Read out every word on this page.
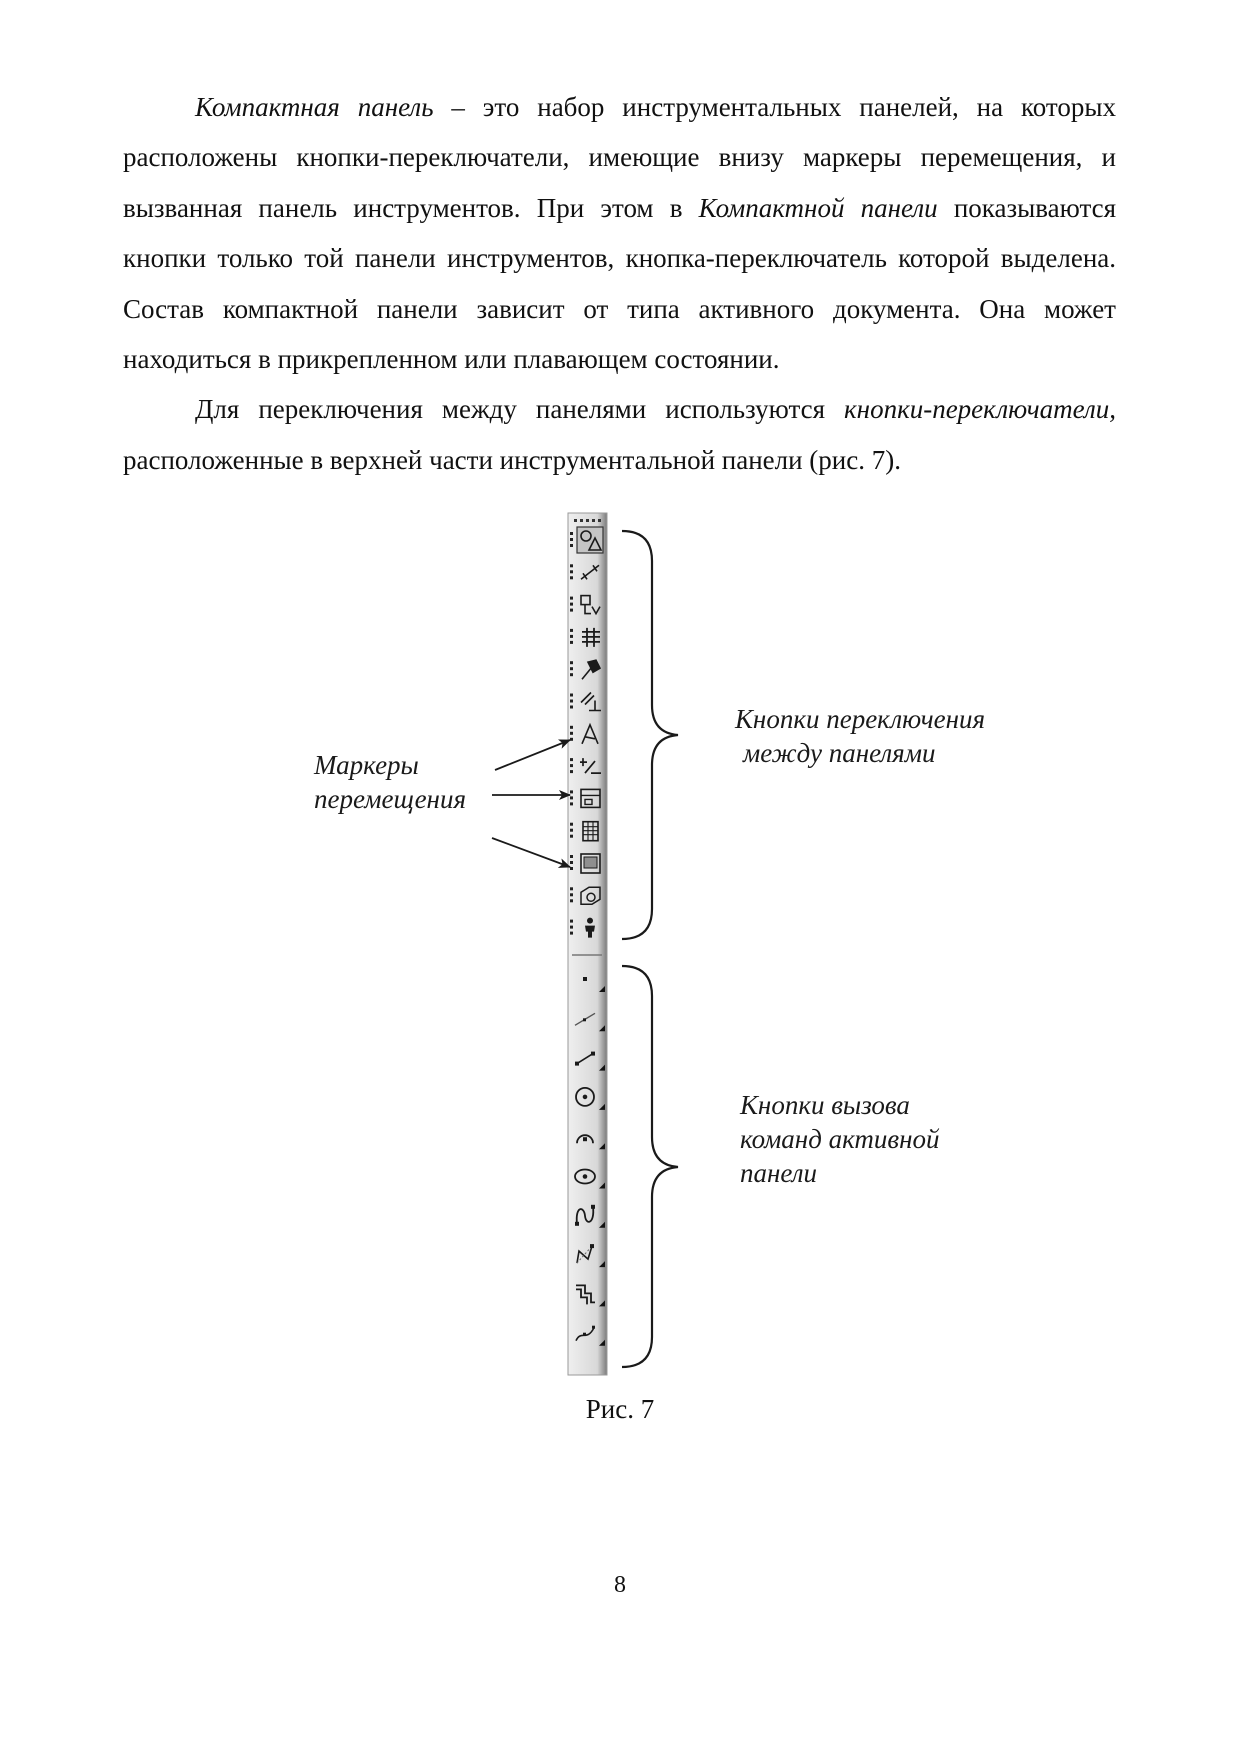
Компактная панель – это набор инструментальных панелей, на которых расположены кнопки-переключатели, имеющие внизу маркеры перемещения, и вызванная панель инструментов. При этом в Компактной панели показываются кнопки только той панели инструментов, кнопка-переключатель которой выделена. Состав компактной панели зависит от типа активного документа. Она может находиться в прикрепленном или плавающем состоянии.

Для переключения между панелями используются кнопки-переключатели, расположенные в верхней части инструментальной панели (рис. 7).

Маркеры
перемещения
Кнопки переключения
между панелями
Кнопки вызова
команд активной
панели
Рис. 7
8
